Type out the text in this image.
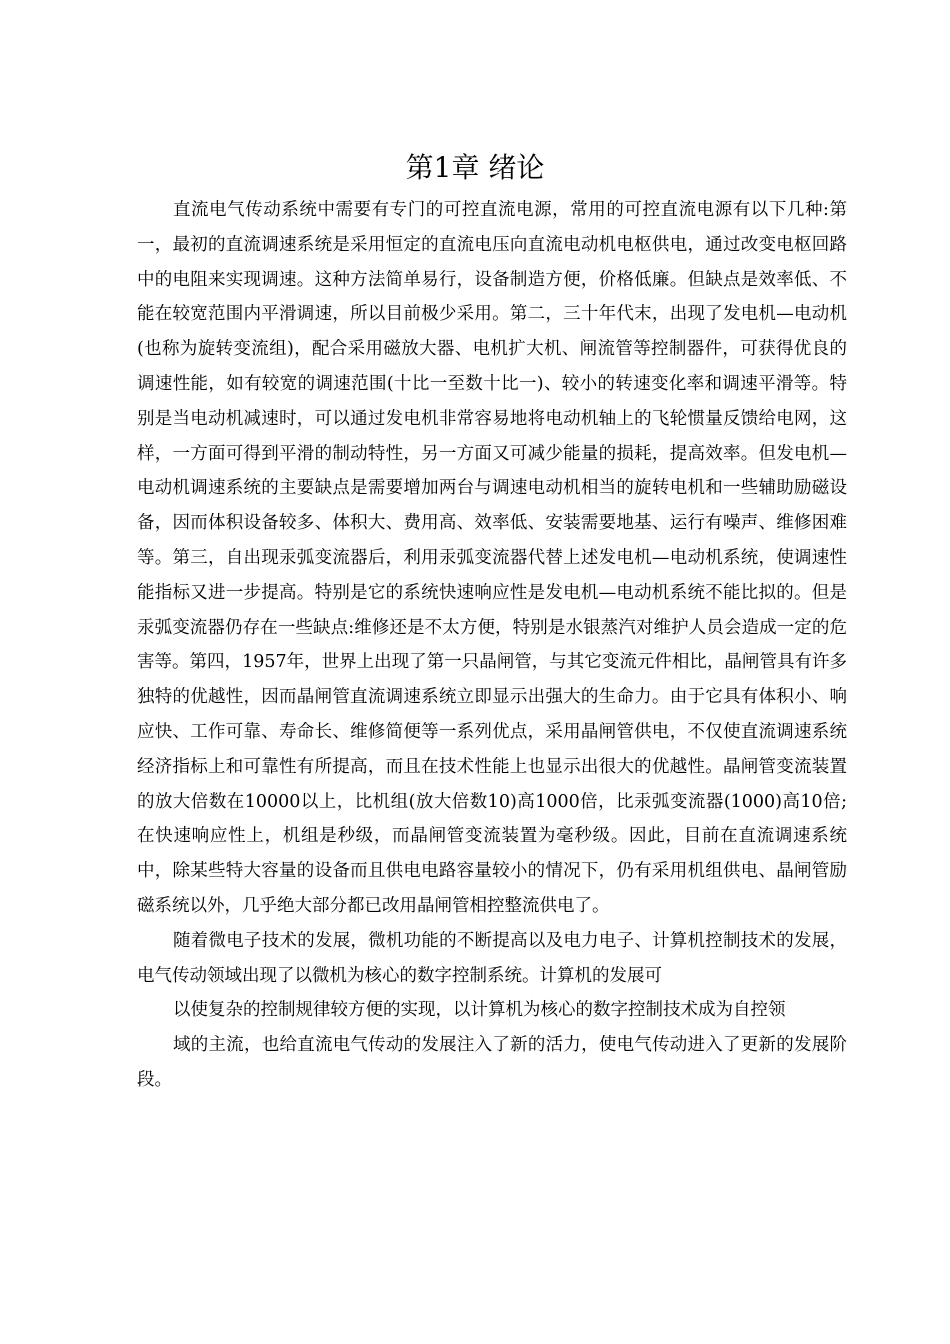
第1章 绪论

直流电气传动系统中需要有专门的可控直流电源，常用的可控直流电源有以下几种:第一，最初的直流调速系统是采用恒定的直流电压向直流电动机电枢供电，通过改变电枢回路中的电阻来实现调速。这种方法简单易行，设备制造方便，价格低廉。但缺点是效率低、不能在较宽范围内平滑调速，所以目前极少采用。第二，三十年代末，出现了发电机—电动机(也称为旋转变流组)，配合采用磁放大器、电机扩大机、闸流管等控制器件，可获得优良的调速性能，如有较宽的调速范围(十比一至数十比一)、较小的转速变化率和调速平滑等。特别是当电动机减速时，可以通过发电机非常容易地将电动机轴上的飞轮惯量反馈给电网，这样，一方面可得到平滑的制动特性，另一方面又可减少能量的损耗，提高效率。但发电机—电动机调速系统的主要缺点是需要增加两台与调速电动机相当的旋转电机和一些辅助励磁设备，因而体积设备较多、体积大、费用高、效率低、安装需要地基、运行有噪声、维修困难等。第三，自出现汞弧变流器后，利用汞弧变流器代替上述发电机—电动机系统，使调速性能指标又进一步提高。特别是它的系统快速响应性是发电机—电动机系统不能比拟的。但是汞弧变流器仍存在一些缺点:维修还是不太方便，特别是水银蒸汽对维护人员会造成一定的危害等。第四，1957年，世界上出现了第一只晶闸管，与其它变流元件相比，晶闸管具有许多独特的优越性，因而晶闸管直流调速系统立即显示出强大的生命力。由于它具有体积小、响应快、工作可靠、寿命长、维修简便等一系列优点，采用晶闸管供电，不仅使直流调速系统经济指标上和可靠性有所提高，而且在技术性能上也显示出很大的优越性。晶闸管变流装置的放大倍数在10000以上，比机组(放大倍数10)高1000倍，比汞弧变流器(1000)高10倍;在快速响应性上，机组是秒级，而晶闸管变流装置为毫秒级。因此，目前在直流调速系统中，除某些特大容量的设备而且供电电路容量较小的情况下，仍有采用机组供电、晶闸管励磁系统以外，几乎绝大部分都已改用晶闸管相控整流供电了。

随着微电子技术的发展，微机功能的不断提高以及电力电子、计算机控制技术的发展，电气传动领域出现了以微机为核心的数字控制系统。计算机的发展可

以使复杂的控制规律较方便的实现，以计算机为核心的数字控制技术成为自控领

域的主流，也给直流电气传动的发展注入了新的活力，使电气传动进入了更新的发展阶段。
